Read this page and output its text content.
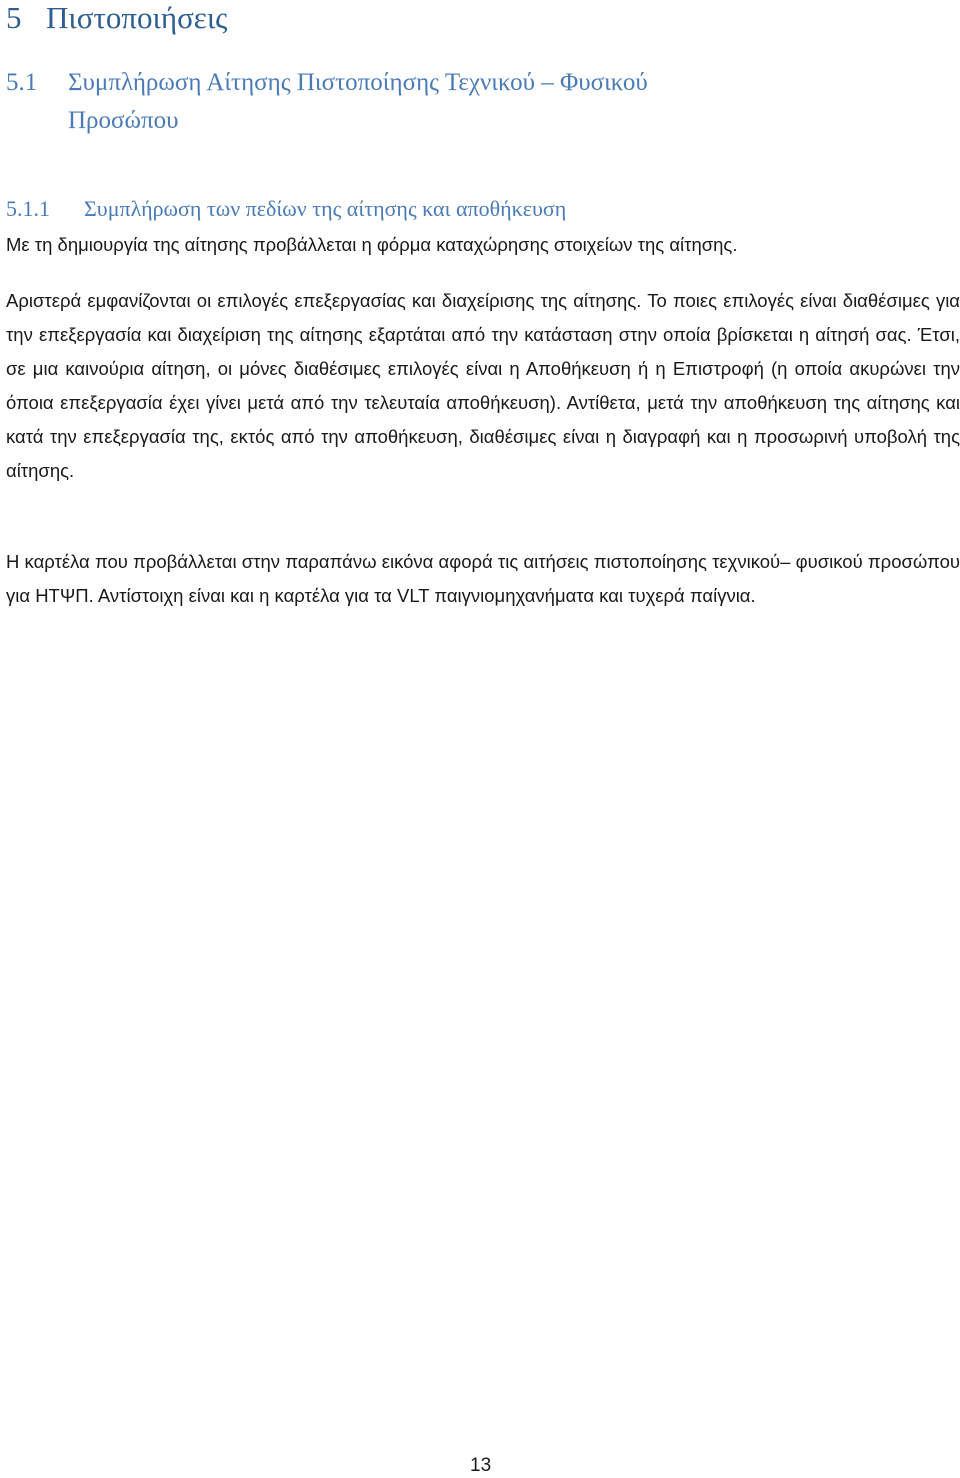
5 Πιστοποιήσεις
5.1 Συμπλήρωση Αίτησης Πιστοποίησης Τεχνικού – Φυσικού
Προσώπου
5.1.1 Συμπλήρωση των πεδίων της αίτησης και αποθήκευση

Με τη δημιουργία της αίτησης προβάλλεται η φόρμα καταχώρησης στοιχείων της αίτησης.

Αριστερά εμφανίζονται οι επιλογές επεξεργασίας και διαχείρισης της αίτησης. Το ποιες επιλογές είναι διαθέσιμες για την επεξεργασία και διαχείριση της αίτησης εξαρτάται από την κατάσταση στην οποία βρίσκεται η αίτησή σας. Έτσι, σε μια καινούρια αίτηση, οι μόνες διαθέσιμες επιλογές είναι η Αποθήκευση ή η Επιστροφή (η οποία ακυρώνει την όποια επεξεργασία έχει γίνει μετά από την τελευταία αποθήκευση). Αντίθετα, μετά την αποθήκευση της αίτησης και κατά την επεξεργασία της, εκτός από την αποθήκευση, διαθέσιμες είναι η διαγραφή και η προσωρινή υποβολή της αίτησης.

Η καρτέλα που προβάλλεται στην παραπάνω εικόνα αφορά τις αιτήσεις πιστοποίησης τεχνικού– φυσικού προσώπου για ΗΤΨΠ. Αντίστοιχη είναι και η καρτέλα για τα VLT παιγνιομηχανήματα και τυχερά παίγνια.

13
